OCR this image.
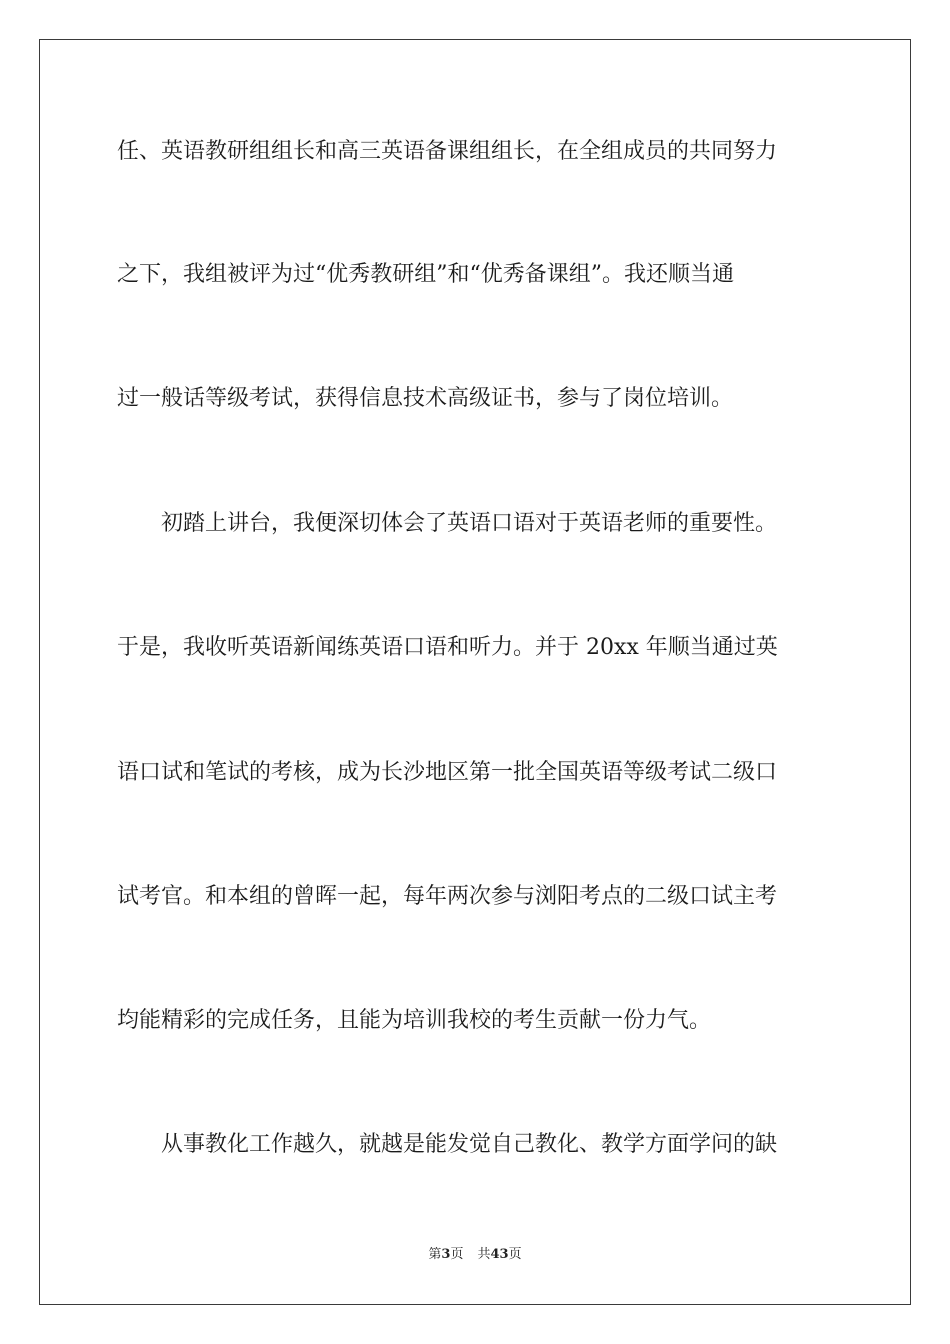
任、英语教研组组长和高三英语备课组组长，在全组成员的共同努力
之下，我组被评为过“优秀教研组”和“优秀备课组”。我还顺当通
过一般话等级考试，获得信息技术高级证书，参与了岗位培训。
　　初踏上讲台，我便深切体会了英语口语对于英语老师的重要性。
于是，我收听英语新闻练英语口语和听力。并于 20xx 年顺当通过英
语口试和笔试的考核，成为长沙地区第一批全国英语等级考试二级口
试考官。和本组的曾晖一起，每年两次参与浏阳考点的二级口试主考
均能精彩的完成任务，且能为培训我校的考生贡献一份力气。
　　从事教化工作越久，就越是能发觉自己教化、教学方面学问的缺
第3页 共43页
